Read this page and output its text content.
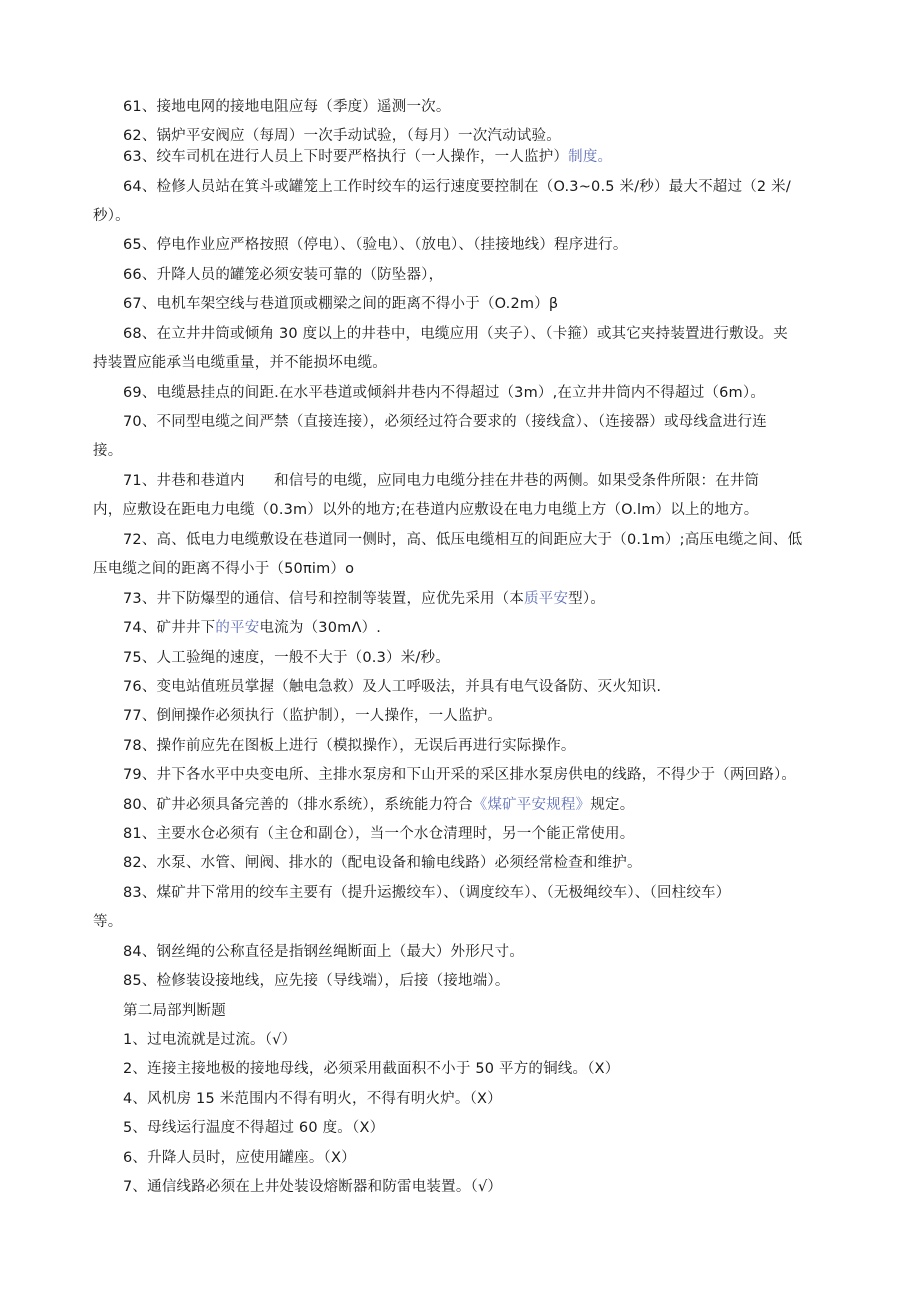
61、接地电网的接地电阻应每（季度）遥测一次。
62、锅炉平安阀应（每周）一次手动试验，（每月）一次汽动试验。
63、绞车司机在进行人员上下时要严格执行（一人操作，一人监护）制度。
64、检修人员站在箕斗或罐笼上工作时绞车的运行速度要控制在（O.3~0.5 米/秒）最大不超过（2 米/
秒）。
65、停电作业应严格按照（停电）、（验电）、（放电）、（挂接地线）程序进行。
66、升降人员的罐笼必须安装可靠的（防坠器），
67、电机车架空线与巷道顶或棚梁之间的距离不得小于（O.2m）β
68、在立井井筒或倾角 30 度以上的井巷中，电缆应用（夹子）、（卡箍）或其它夹持装置进行敷设。夹
持装置应能承当电缆重量，并不能损坏电缆。
69、电缆悬挂点的间距.在水平巷道或倾斜井巷内不得超过（3m）,在立井井筒内不得超过（6m）。
70、不同型电缆之间严禁（直接连接），必须经过符合要求的（接线盒）、（连接器）或母线盒进行连
接。
71、井巷和巷道内　　和信号的电缆，应同电力电缆分挂在井巷的两侧。如果受条件所限：在井筒
内，应敷设在距电力电缆（0.3m）以外的地方;在巷道内应敷设在电力电缆上方（O.lm）以上的地方。
72、高、低电力电缆敷设在巷道同一侧时，高、低压电缆相互的间距应大于（0.1m）;高压电缆之间、低
压电缆之间的距离不得小于（50πim）o
73、井下防爆型的通信、信号和控制等装置，应优先采用（本质平安型）。
74、矿井井下的平安电流为（30mΛ）.
75、人工验绳的速度，一般不大于（0.3）米/秒。
76、变电站值班员掌握（触电急救）及人工呼吸法，并具有电气设备防、灭火知识.
77、倒闸操作必须执行（监护制），一人操作，一人监护。
78、操作前应先在图板上进行（模拟操作），无误后再进行实际操作。
79、井下各水平中央变电所、主排水泵房和下山开采的采区排水泵房供电的线路，不得少于（两回路）。
80、矿井必须具备完善的（排水系统），系统能力符合《煤矿平安规程》规定。
81、主要水仓必须有（主仓和副仓），当一个水仓清理时，另一个能正常使用。
82、水泵、水管、闸阀、排水的（配电设备和输电线路）必须经常检查和维护。
83、煤矿井下常用的绞车主要有（提升运搬绞车）、（调度绞车）、（无极绳绞车）、（回柱绞车）
等。
84、钢丝绳的公称直径是指钢丝绳断面上（最大）外形尺寸。
85、检修装设接地线，应先接（导线端），后接（接地端）。
第二局部判断题
1、过电流就是过流。（√）
2、连接主接地极的接地母线，必须采用截面积不小于 50 平方的铜线。（X）
4、风机房 15 米范围内不得有明火，不得有明火炉。（X）
5、母线运行温度不得超过 60 度。（X）
6、升降人员时，应使用罐座。（X）
7、通信线路必须在上井处装设熔断器和防雷电装置。（√）
